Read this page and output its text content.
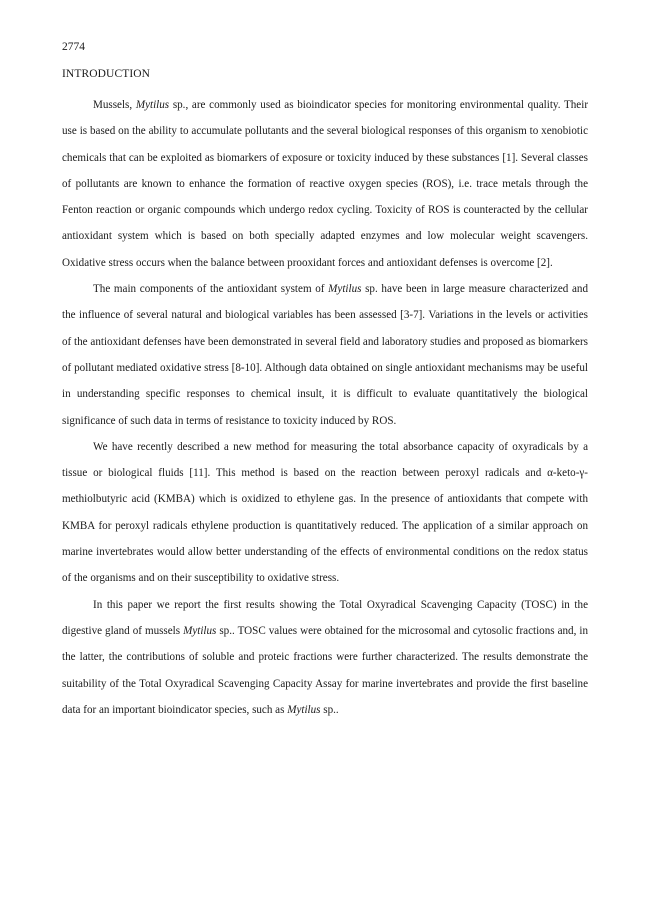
2774
INTRODUCTION

Mussels, Mytilus sp., are commonly used as bioindicator species for monitoring environmental quality. Their use is based on the ability to accumulate pollutants and the several biological responses of this organism to xenobiotic chemicals that can be exploited as biomarkers of exposure or toxicity induced by these substances [1]. Several classes of pollutants are known to enhance the formation of reactive oxygen species (ROS), i.e. trace metals through the Fenton reaction or organic compounds which undergo redox cycling. Toxicity of ROS is counteracted by the cellular antioxidant system which is based on both specially adapted enzymes and low molecular weight scavengers. Oxidative stress occurs when the balance between prooxidant forces and antioxidant defenses is overcome [2].

The main components of the antioxidant system of Mytilus sp. have been in large measure characterized and the influence of several natural and biological variables has been assessed [3-7]. Variations in the levels or activities of the antioxidant defenses have been demonstrated in several field and laboratory studies and proposed as biomarkers of pollutant mediated oxidative stress [8-10]. Although data obtained on single antioxidant mechanisms may be useful in understanding specific responses to chemical insult, it is difficult to evaluate quantitatively the biological significance of such data in terms of resistance to toxicity induced by ROS.

We have recently described a new method for measuring the total absorbance capacity of oxyradicals by a tissue or biological fluids [11]. This method is based on the reaction between peroxyl radicals and α-keto-γ-methiolbutyric acid (KMBA) which is oxidized to ethylene gas. In the presence of antioxidants that compete with KMBA for peroxyl radicals ethylene production is quantitatively reduced. The application of a similar approach on marine invertebrates would allow better understanding of the effects of environmental conditions on the redox status of the organisms and on their susceptibility to oxidative stress.

In this paper we report the first results showing the Total Oxyradical Scavenging Capacity (TOSC) in the digestive gland of mussels Mytilus sp.. TOSC values were obtained for the microsomal and cytosolic fractions and, in the latter, the contributions of soluble and proteic fractions were further characterized. The results demonstrate the suitability of the Total Oxyradical Scavenging Capacity Assay for marine invertebrates and provide the first baseline data for an important bioindicator species, such as Mytilus sp..
